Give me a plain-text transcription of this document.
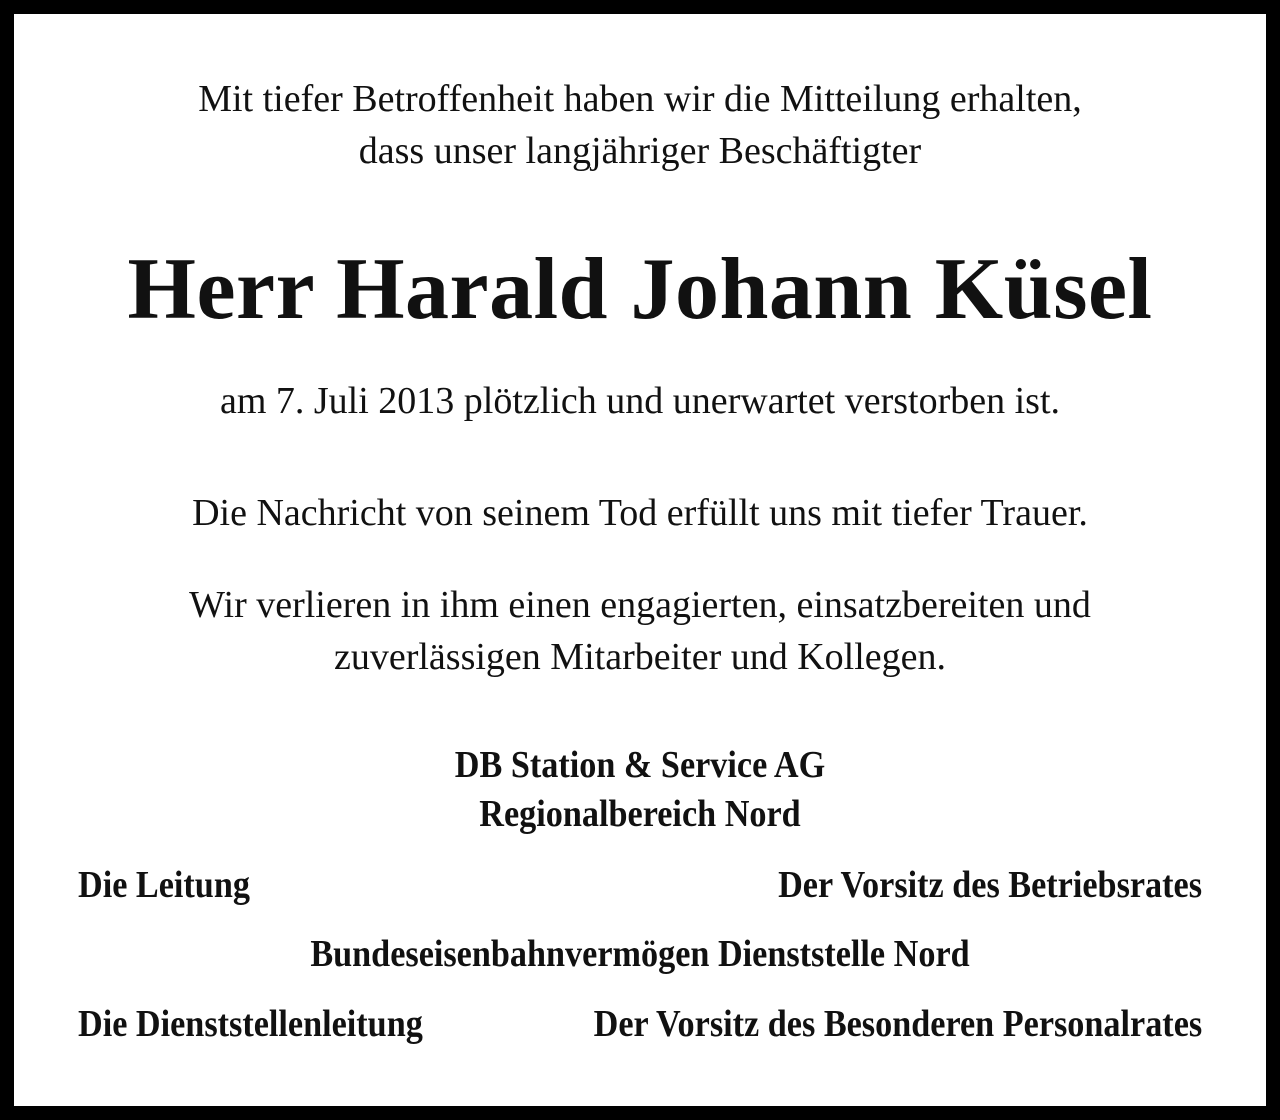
Mit tiefer Betroffenheit haben wir die Mitteilung erhalten,
dass unser langjähriger Beschäftigter
Herr Harald Johann Küsel
am 7. Juli 2013 plötzlich und unerwartet verstorben ist.
Die Nachricht von seinem Tod erfüllt uns mit tiefer Trauer.
Wir verlieren in ihm einen engagierten, einsatzbereiten und
zuverlässigen Mitarbeiter und Kollegen.
DB Station & Service AG
Regionalbereich Nord
Die Leitung	Der Vorsitz des Betriebsrates
Bundeseisenbahnvermögen Dienststelle Nord
Die Dienststellenleitung	Der Vorsitz des Besonderen Personalrates
